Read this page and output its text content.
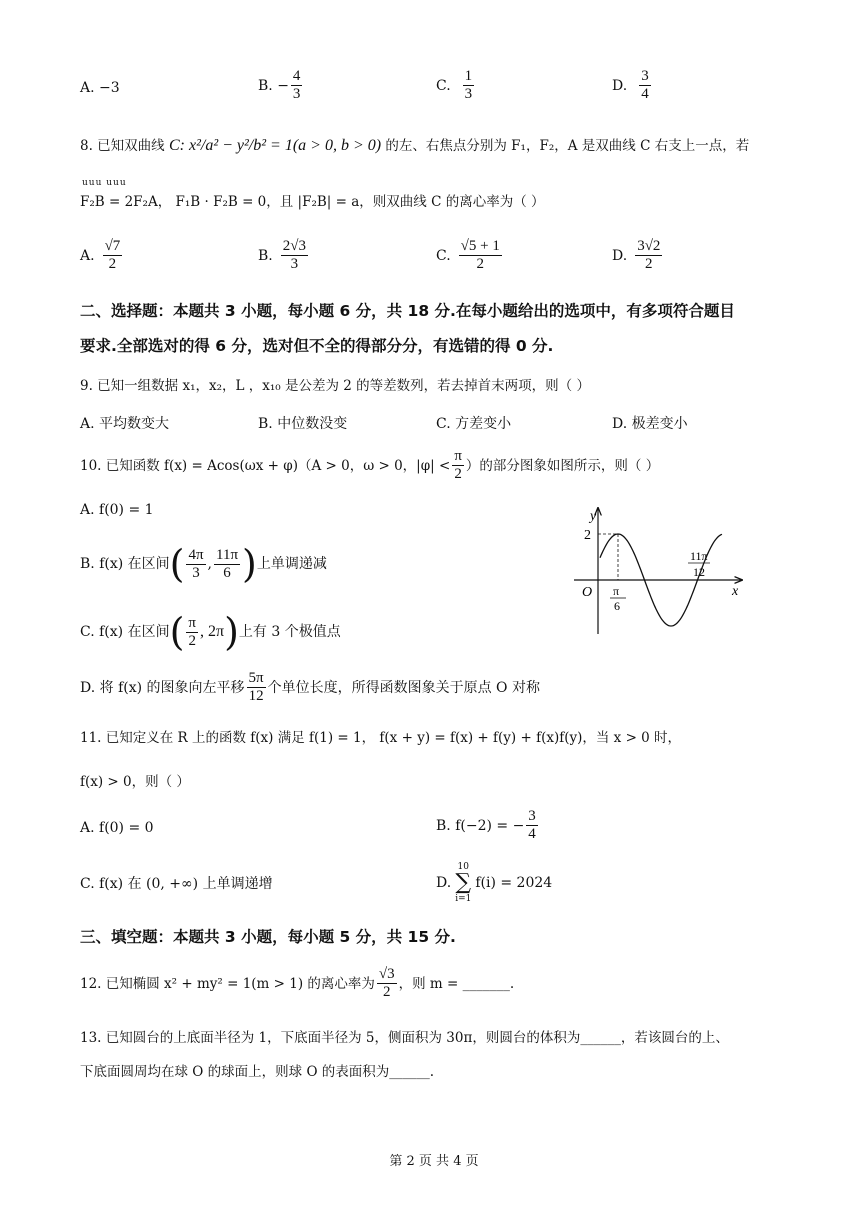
A. −3	B. − $\frac{4}{3}$	C. $\frac{1}{3}$	D. $\frac{3}{4}$
8. 已知双曲线 C: x²/a² − y²/b² = 1(a > 0, b > 0) 的左、右焦点分别为 F₁，F₂，A 是双曲线 C 右支上一点，若
uuu uuu
F₂B = 2F₂A， F₁B · F₂B = 0，且 |F₂B| = a，则双曲线 C 的离心率为（ ）
A. $\frac{√7}{2}$	B. $\frac{2√3}{3}$	C. $\frac{√5 + 1}{2}$	D. $\frac{3√2}{2}$
二、选择题：本题共 3 小题，每小题 6 分，共 18 分.在每小题给出的选项中，有多项符合题目
要求.全部选对的得 6 分，选对但不全的得部分分，有选错的得 0 分.
9. 已知一组数据 x₁，x₂，L ，x₁₀ 是公差为 2 的等差数列，若去掉首末两项，则（ ）
A. 平均数变大	B. 中位数没变	C. 方差变小	D. 极差变小
10. 已知函数 f(x) = Acos(ωx + φ)（A > 0，ω > 0，$|\varphi| < \frac{\pi}{2}$ ）的部分图象如图所示，则（ ）
A. f(0) = 1
B. f(x) 在区间 ( $\frac{4\pi}{3}$ , $\frac{11\pi}{6}$ ) 上单调递减
C. f(x) 在区间 ( $\frac{\pi}{2}$ , 2π ) 上有 3 个极值点
D. 将 f(x) 的图象向左平移 $\frac{5\pi}{12}$ 个单位长度，所得函数图象关于原点 O 对称
y
x
O
2
π
6
11π
12
11. 已知定义在 R 上的函数 f(x) 满足 f(1) = 1， f(x + y) = f(x) + f(y) + f(x)f(y)，当 x > 0 时，
f(x) > 0，则（ ）
A. f(0) = 0	B. f(−2) = − $\frac{3}{4}$
C. f(x) 在 (0, +∞) 上单调递增	D.
10
∑
i=1
f(i) = 2024
三、填空题：本题共 3 小题，每小题 5 分，共 15 分.
12. 已知椭圆 x² + my² = 1(m > 1) 的离心率为 $\frac{√3}{2}$ ，则 m = _______.
13. 已知圆台的上底面半径为 1，下底面半径为 5，侧面积为 30π，则圆台的体积为______，若该圆台的上、
下底面圆周均在球 O 的球面上，则球 O 的表面积为______.
第 2 页 共 4 页
